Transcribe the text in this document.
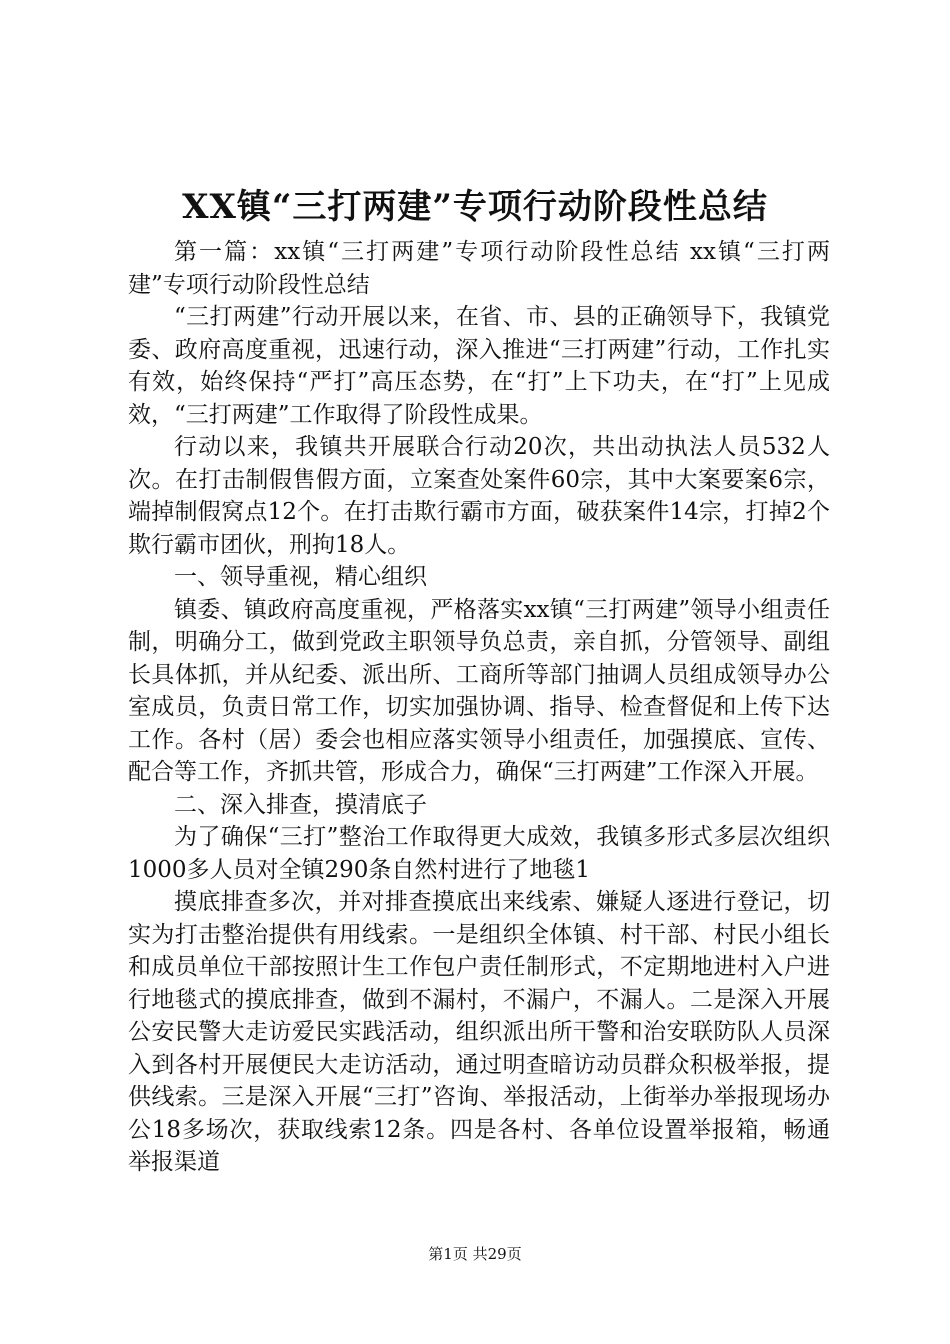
XX镇“三打两建”专项行动阶段性总结

第一篇：xx镇“三打两建”专项行动阶段性总结 xx镇“三打两建”专项行动阶段性总结

“三打两建”行动开展以来，在省、市、县的正确领导下，我镇党委、政府高度重视，迅速行动，深入推进“三打两建”行动，工作扎实有效，始终保持“严打”高压态势，在“打”上下功夫，在“打”上见成效，“三打两建”工作取得了阶段性成果。

行动以来，我镇共开展联合行动20次，共出动执法人员532人次。在打击制假售假方面，立案查处案件60宗，其中大案要案6宗，端掉制假窝点12个。在打击欺行霸市方面，破获案件14宗，打掉2个欺行霸市团伙，刑拘18人。

一、领导重视，精心组织

镇委、镇政府高度重视，严格落实xx镇“三打两建”领导小组责任制，明确分工，做到党政主职领导负总责，亲自抓，分管领导、副组长具体抓，并从纪委、派出所、工商所等部门抽调人员组成领导办公室成员，负责日常工作，切实加强协调、指导、检查督促和上传下达工作。各村（居）委会也相应落实领导小组责任，加强摸底、宣传、配合等工作，齐抓共管，形成合力，确保“三打两建”工作深入开展。

二、深入排查，摸清底子

为了确保“三打”整治工作取得更大成效，我镇多形式多层次组织1000多人员对全镇290条自然村进行了地毯1

摸底排查多次，并对排查摸底出来线索、嫌疑人逐进行登记，切实为打击整治提供有用线索。一是组织全体镇、村干部、村民小组长和成员单位干部按照计生工作包户责任制形式，不定期地进村入户进行地毯式的摸底排查，做到不漏村，不漏户，不漏人。二是深入开展公安民警大走访爱民实践活动，组织派出所干警和治安联防队人员深入到各村开展便民大走访活动，通过明查暗访动员群众积极举报，提供线索。三是深入开展“三打”咨询、举报活动，上街举办举报现场办公18多场次，获取线索12条。四是各村、各单位设置举报箱，畅通举报渠道

第1页 共29页
